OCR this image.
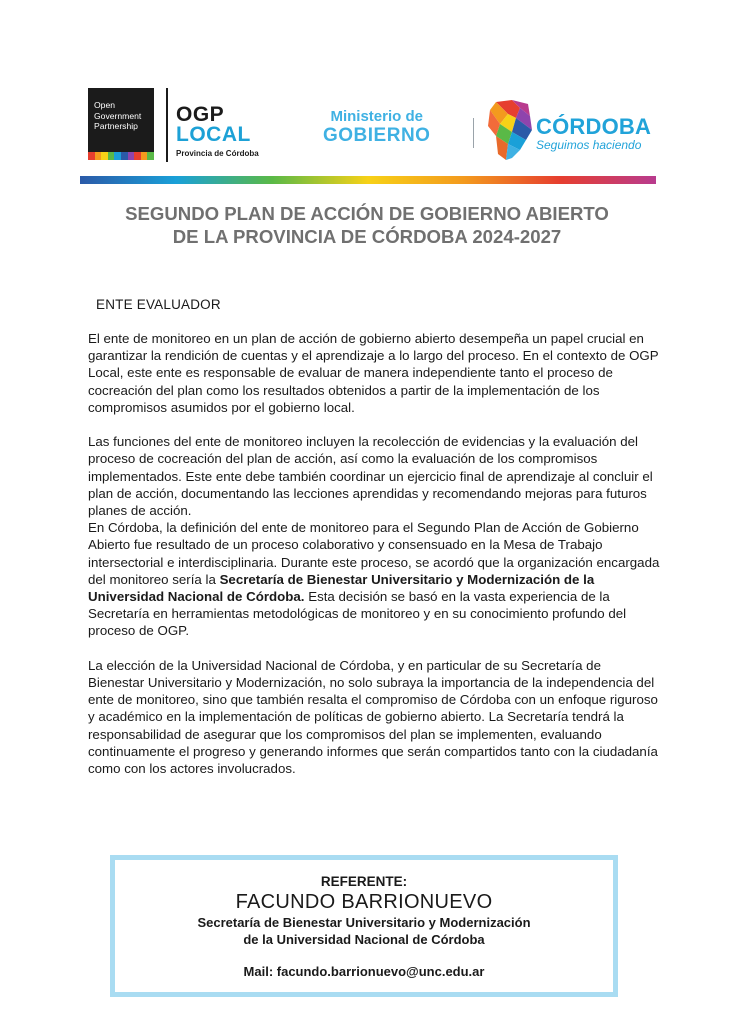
Open
Government
Partnership OGP
LOCAL
Provincia de Córdoba
Ministerio de
GOBIERNO	CÓRDOBA
Seguimos haciendo
SEGUNDO PLAN DE ACCIÓN DE GOBIERNO ABIERTO
DE LA PROVINCIA DE CÓRDOBA 2024-2027
ENTE EVALUADOR

El ente de monitoreo en un plan de acción de gobierno abierto desempeña un papel crucial en garantizar la rendición de cuentas y el aprendizaje a lo largo del proceso. En el contexto de OGP Local, este ente es responsable de evaluar de manera independiente tanto el proceso de cocreación del plan como los resultados obtenidos a partir de la implementación de los compromisos asumidos por el gobierno local.

Las funciones del ente de monitoreo incluyen la recolección de evidencias y la evaluación del proceso de cocreación del plan de acción, así como la evaluación de los compromisos implementados. Este ente debe también coordinar un ejercicio final de aprendizaje al concluir el plan de acción, documentando las lecciones aprendidas y recomendando mejoras para futuros planes de acción.

En Córdoba, la definición del ente de monitoreo para el Segundo Plan de Acción de Gobierno Abierto fue resultado de un proceso colaborativo y consensuado en la Mesa de Trabajo intersectorial e interdisciplinaria. Durante este proceso, se acordó que la organización encargada del monitoreo sería la Secretaría de Bienestar Universitario y Modernización de la Universidad Nacional de Córdoba. Esta decisión se basó en la vasta experiencia de la Secretaría en herramientas metodológicas de monitoreo y en su conocimiento profundo del proceso de OGP.

La elección de la Universidad Nacional de Córdoba, y en particular de su Secretaría de Bienestar Universitario y Modernización, no solo subraya la importancia de la independencia del ente de monitoreo, sino que también resalta el compromiso de Córdoba con un enfoque riguroso y académico en la implementación de políticas de gobierno abierto. La Secretaría tendrá la responsabilidad de asegurar que los compromisos del plan se implementen, evaluando continuamente el progreso y generando informes que serán compartidos tanto con la ciudadanía como con los actores involucrados.

REFERENTE:
FACUNDO BARRIONUEVO
Secretaría de Bienestar Universitario y Modernización
de la Universidad Nacional de Córdoba
Mail: facundo.barrionuevo@unc.edu.ar
